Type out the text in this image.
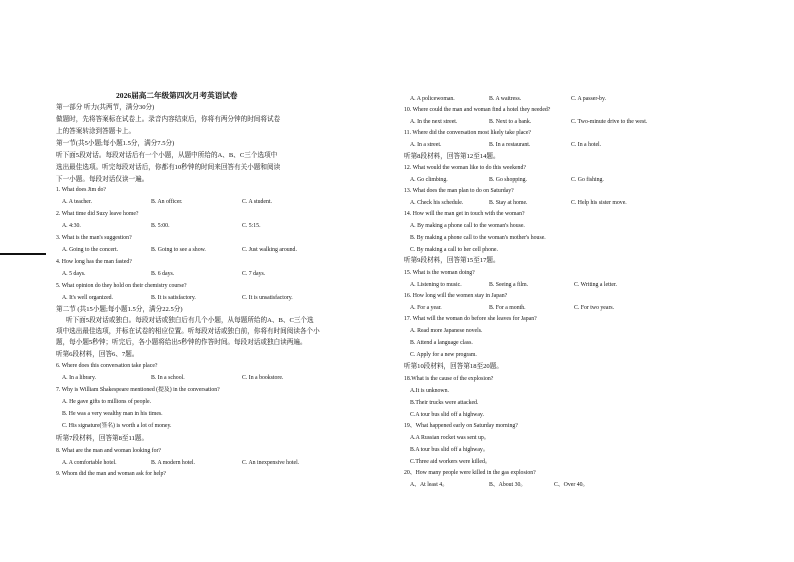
2026届高二年级第四次月考英语试卷
第一部分 听力(共两节，满分30分)
做题时，先将答案标在试卷上。录音内容结束后，你将有两分钟的时间将试卷
上的答案转涂到答题卡上。
第一节(共5小题;每小题1.5分，满分7.5分)
听下面5段对话。每段对话后有一个小题，从题中所给的A、B、C三个选项中
选出最佳选项。听完每段对话后，你都有10秒钟的时间来回答有关小题和阅读
下一小题。每段对话仅读一遍。
1. What does Jim do?
A. A teacher.	B. An officer.	C. A student.
2. What time did Suzy leave home?
A. 4:30.	B. 5:00.	C. 5:15.
3. What is the man's suggestion?
A. Going to the concert.	B. Going to see a show.	C. Just walking around.
4. How long has the man fasted?
A. 5 days.	B. 6 days.	C. 7 days.
5. What opinion do they hold on their chemistry course?
A. It's well organized.	B. It is satisfactory.	C. It is unsatisfactory.
第二节 (共15小题;每小题1.5分，满分22.5分)
听下面5段对话或独白。每段对话或独白后有几个小题，从每题所给的A、B、C三个选
项中选出最佳选项，并标在试卷的相应位置。听每段对话或独白前，你将有时间阅读各个小
题，每小题5秒钟；听完后，各小题将给出5秒钟的作答时间。每段对话或独白读两遍。
听第6段材料，回答6、7题。
6. Where does this conversation take place?
A. In a library.	B. In a school.	C. In a bookstore.
7. Why is William Shakespeare mentioned (提及) in the conversation?
A. He gave gifts to millions of people.
B. He was a very wealthy man in his times.
C. His signature(签名) is worth a lot of money.
听第7段材料，回答第8至11题。
8. What are the man and woman looking for?
A. A comfortable hotel.	B. A modern hotel.	C. An inexpensive hotel.
9. Whom did the man and woman ask for help?
A. A policewoman.	B. A waitress.	C. A passer-by.
10. Where could the man and woman find a hotel they needed?
A. In the next street.	B. Next to a bank.	C. Two-minute drive to the west.
11. Where did the conversation most likely take place?
A. In a street.	B. In a restaurant.	C. In a hotel.
听第8段材料，回答第12至14题。
12. What would the woman like to do this weekend?
A. Go climbing.	B. Go shopping.	C. Go fishing.
13. What does the man plan to do on Saturday?
A. Check his schedule.	B. Stay at home.	C. Help his sister move.
14. How will the man get in touch with the woman?
A. By making a phone call to the woman's house.
B. By making a phone call to the woman's mother's house.
C. By making a call to her cell phone.
听第9段材料，回答第15至17题。
15. What is the woman doing?
A. Listening to music.	B. Seeing a film.	C. Writing a letter.
16. How long will the women stay in Japan?
A. For a year.	B. For a month.	C. For two years.
17. What will the woman do before she leaves for Japan?
A. Read more Japanese novels.
B. Attend a language class.
C. Apply for a new program.
听第10段材料，回答第18至20题。
18.What is the cause of the explosion?
A.It is unknown.
B.Their trucks were attacked.
C.A tour bus slid off a highway.
19、What happened early on Saturday morning?
A.A Russian rocket was sent up。
B.A tour bus slid off a highway。
C.Three aid workers were killed。
20、How many people were killed in the gas explosion?
A、At least 4。	B、About 30。	C、Over 40。
